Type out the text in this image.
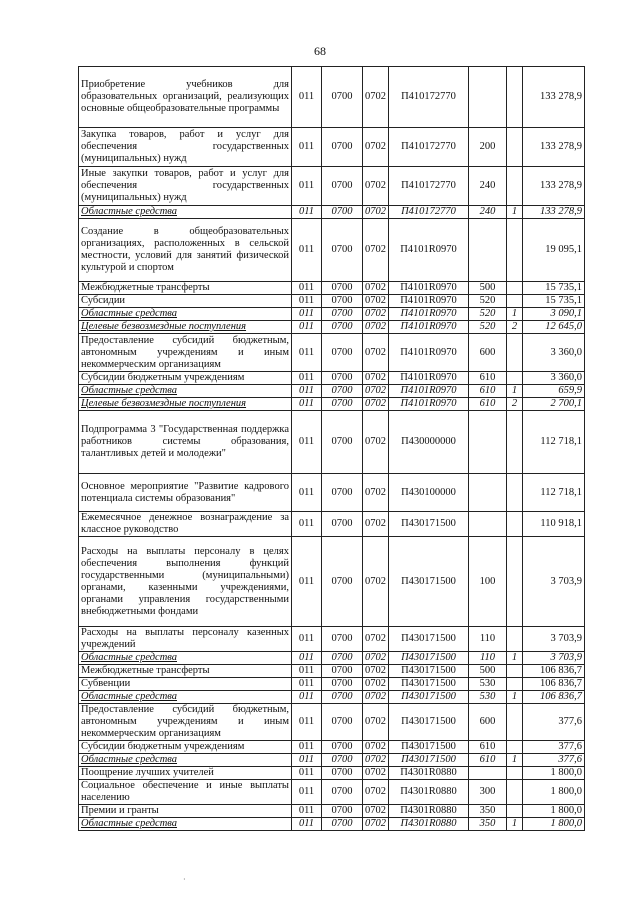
68
Приобретение учебников для образовательных организаций, реализующих основные общеобразовательные программы	011	0700	0702	П410172770			133 278,9
Закупка товаров, работ и услуг для обеспечения государственных (муниципальных) нужд	011	0700	0702	П410172770	200		133 278,9
Иные закупки товаров, работ и услуг для обеспечения государственных (муниципальных) нужд	011	0700	0702	П410172770	240		133 278,9
Областные средства	011	0700	0702	П410172770	240	1	133 278,9
Создание в общеобразовательных организациях, расположенных в сельской местности, условий для занятий физической культурой и спортом	011	0700	0702	П4101R0970			19 095,1
Межбюджетные трансферты	011	0700	0702	П4101R0970	500		15 735,1
Субсидии	011	0700	0702	П4101R0970	520		15 735,1
Областные средства	011	0700	0702	П4101R0970	520	1	3 090,1
Целевые безвозмездные поступления	011	0700	0702	П4101R0970	520	2	12 645,0
Предоставление субсидий бюджетным, автономным учреждениям и иным некоммерческим организациям	011	0700	0702	П4101R0970	600		3 360,0
Субсидии бюджетным учреждениям	011	0700	0702	П4101R0970	610		3 360,0
Областные средства	011	0700	0702	П4101R0970	610	1	659,9
Целевые безвозмездные поступления	011	0700	0702	П4101R0970	610	2	2 700,1
Подпрограмма 3 "Государственная поддержка работников системы образования, талантливых детей и молодежи"	011	0700	0702	П430000000			112 718,1
Основное мероприятие "Развитие кадрового потенциала системы образования"	011	0700	0702	П430100000			112 718,1
Ежемесячное денежное вознаграждение за классное руководство	011	0700	0702	П430171500			110 918,1
Расходы на выплаты персоналу в целях обеспечения выполнения функций государственными (муниципальными) органами, казенными учреждениями, органами управления государственными внебюджетными фондами	011	0700	0702	П430171500	100		3 703,9
Расходы на выплаты персоналу казенных учреждений	011	0700	0702	П430171500	110		3 703,9
Областные средства	011	0700	0702	П430171500	110	1	3 703,9
Межбюджетные трансферты	011	0700	0702	П430171500	500		106 836,7
Субвенции	011	0700	0702	П430171500	530		106 836,7
Областные средства	011	0700	0702	П430171500	530	1	106 836,7
Предоставление субсидий бюджетным, автономным учреждениям и иным некоммерческим организациям	011	0700	0702	П430171500	600		377,6
Субсидии бюджетным учреждениям	011	0700	0702	П430171500	610		377,6
Областные средства	011	0700	0702	П430171500	610	1	377,6
Поощрение лучших учителей	011	0700	0702	П4301R0880			1 800,0
Социальное обеспечение и иные выплаты населению	011	0700	0702	П4301R0880	300		1 800,0
Премии и гранты	011	0700	0702	П4301R0880	350		1 800,0
Областные средства	011	0700	0702	П4301R0880	350	1	1 800,0
·
